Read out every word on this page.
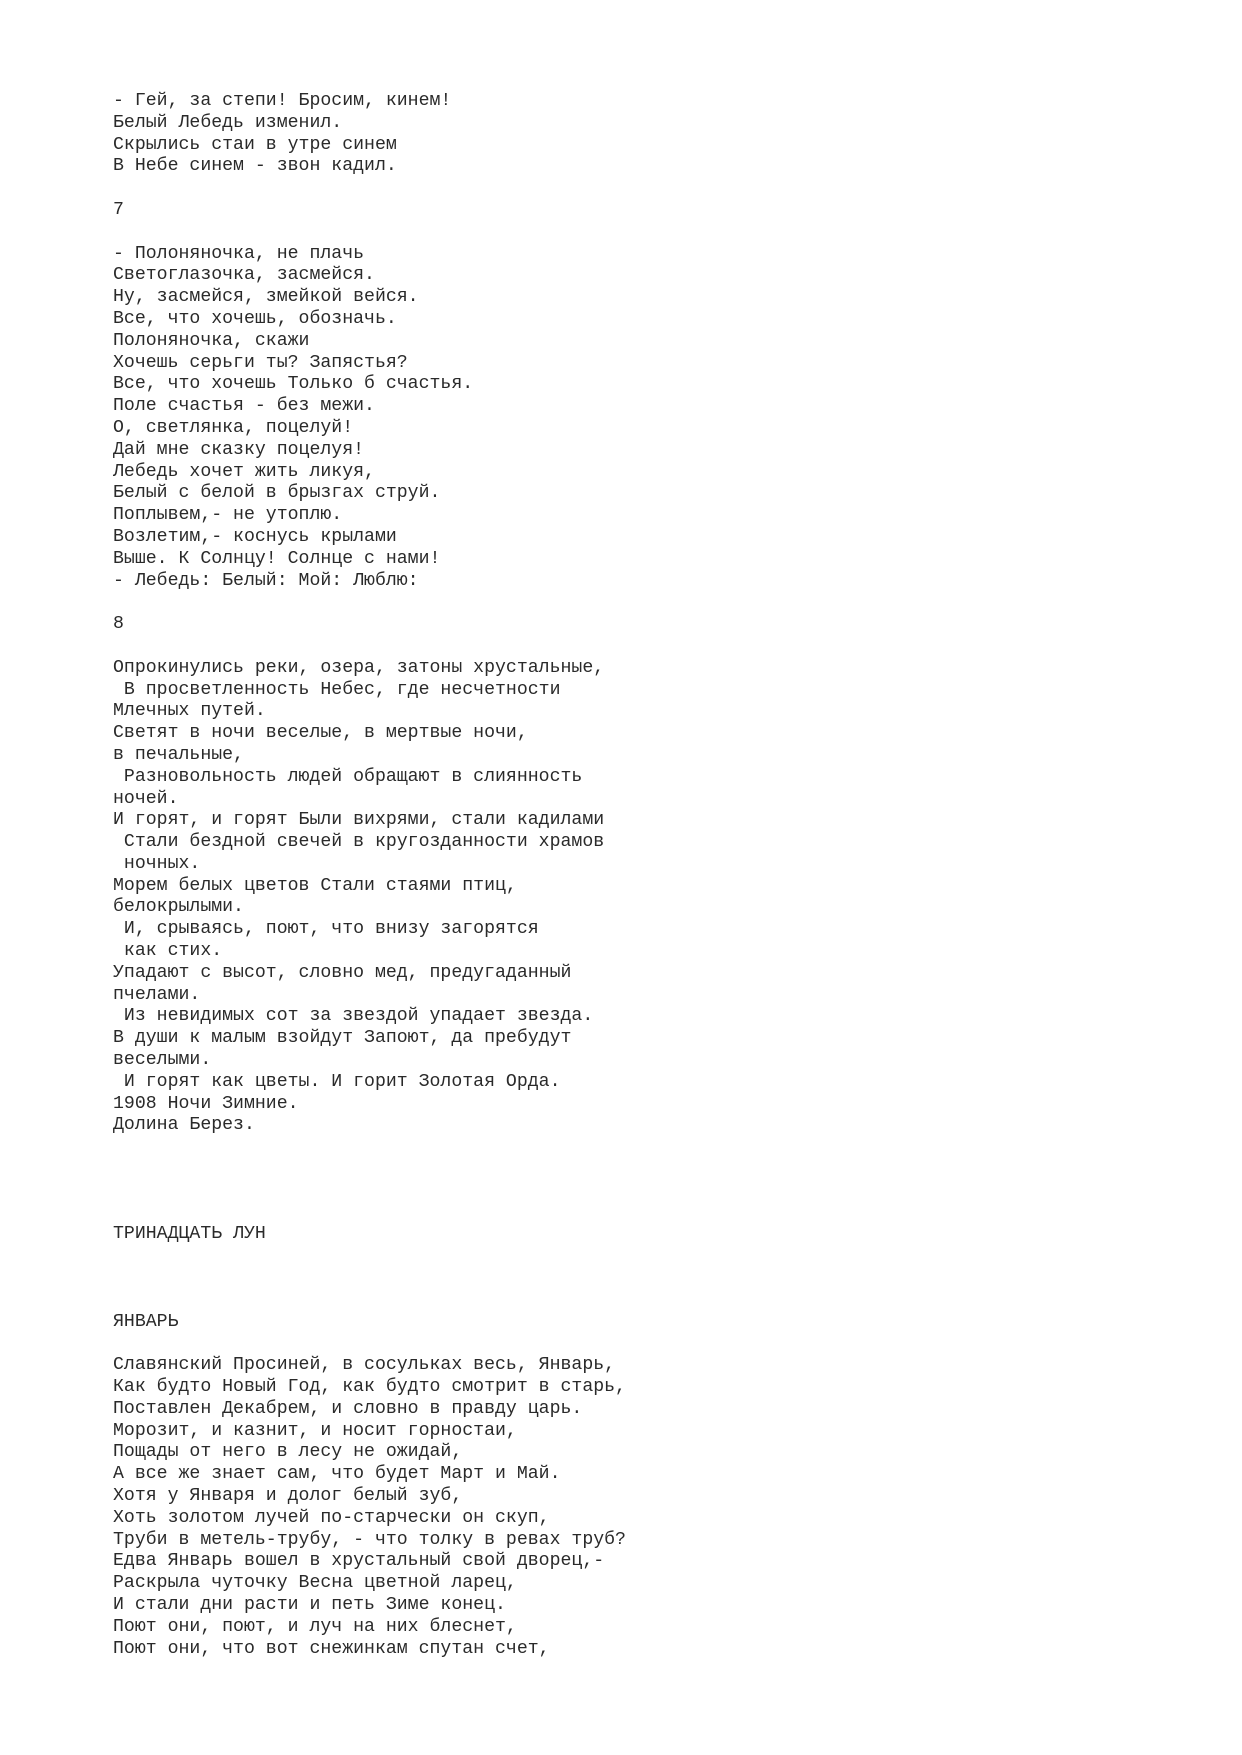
- Гей, за степи! Бросим, кинем!
Белый Лебедь изменил.
Скрылись стаи в утре синем
В Небе синем - звон кадил.
7
- Полоняночка, не плачь
Светоглазочка, засмейся.
Ну, засмейся, змейкой вейся.
Все, что хочешь, обозначь.
Полоняночка, скажи
Хочешь серьги ты? Запястья?
Все, что хочешь Только б счастья.
Поле счастья - без межи.
О, светлянка, поцелуй!
Дай мне сказку поцелуя!
Лебедь хочет жить ликуя,
Белый с белой в брызгах струй.
Поплывем,- не утоплю.
Возлетим,- коснусь крылами
Выше. К Солнцу! Солнце с нами!
- Лебедь: Белый: Мой: Люблю:
8
Опрокинулись реки, озера, затоны хрустальные,
В просветленность Небес, где несчетности
Млечных путей.
Светят в ночи веселые, в мертвые ночи,
в печальные,
Разновольность людей обращают в слиянность
ночей.
И горят, и горят Были вихрями, стали кадилами
Стали бездной свечей в кругозданности храмов
ночных.
Морем белых цветов Стали стаями птиц,
белокрылыми.
И, срываясь, поют, что внизу загорятся
как стих.
Упадают с высот, словно мед, предугаданный
пчелами.
Из невидимых сот за звездой упадает звезда.
В души к малым взойдут Запоют, да пребудут
веселыми.
И горят как цветы. И горит Золотая Орда.
1908 Ночи Зимние.
Долина Берез.
ТРИНАДЦАТЬ ЛУН
ЯНВАРЬ
Славянский Просиней, в сосульках весь, Январь,
Как будто Новый Год, как будто смотрит в старь,
Поставлен Декабрем, и словно в правду царь.
Морозит, и казнит, и носит горностаи,
Пощады от него в лесу не ожидай,
А все же знает сам, что будет Март и Май.
Хотя у Января и долог белый зуб,
Хоть золотом лучей по-старчески он скуп,
Труби в метель-трубу, - что толку в ревах труб?
Едва Январь вошел в хрустальный свой дворец,-
Раскрыла чуточку Весна цветной ларец,
И стали дни расти и петь Зиме конец.
Поют они, поют, и луч на них блеснет,
Поют они, что вот снежинкам спутан счет,
